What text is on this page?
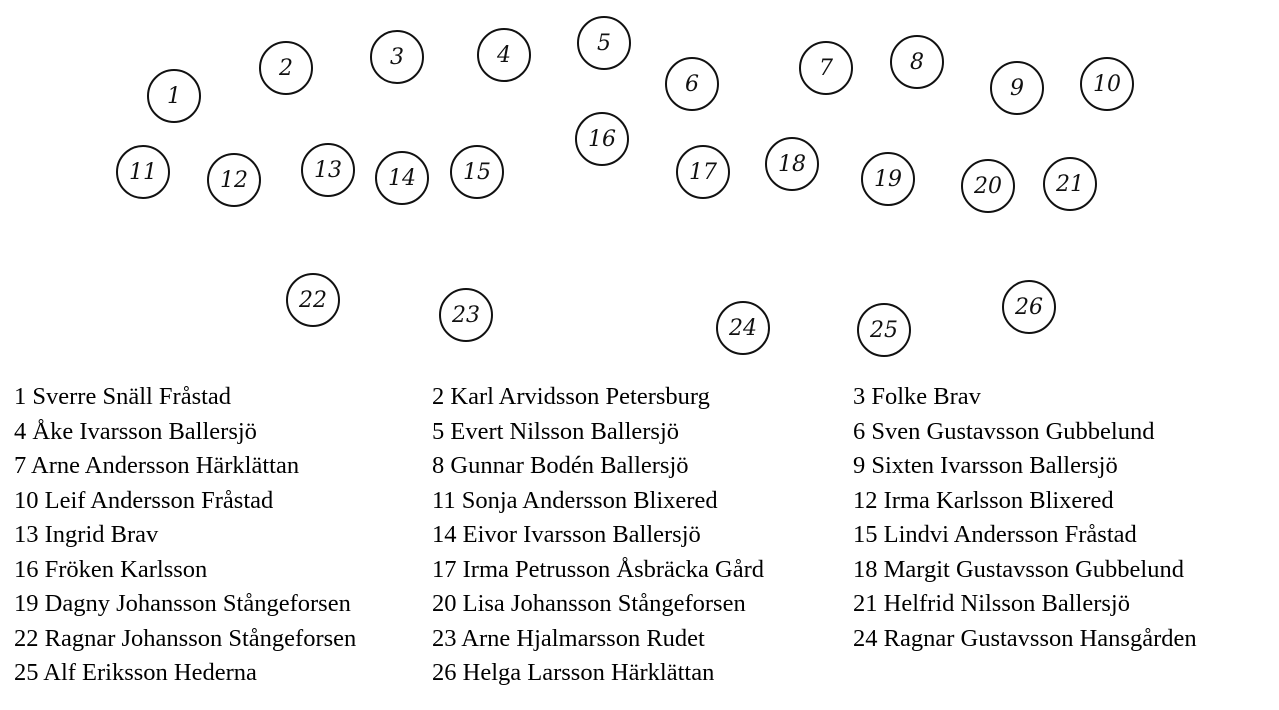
1
2	3	4	5
6
7	8
9	10
11	12	13	14	15
16
17	18
19	20	21
22
23
24	25
26
1 Sverre Snäll Fråstad	2 Karl Arvidsson Petersburg	3 Folke Brav
4 Åke Ivarsson Ballersjö	5 Evert Nilsson Ballersjö	6 Sven Gustavsson Gubbelund
7 Arne Andersson Härklättan	8 Gunnar Bodén Ballersjö	9 Sixten Ivarsson Ballersjö
10 Leif Andersson Fråstad	11 Sonja Andersson Blixered	12 Irma Karlsson Blixered
13 Ingrid Brav	14 Eivor Ivarsson Ballersjö	15 Lindvi Andersson Fråstad
16 Fröken Karlsson	17 Irma Petrusson Åsbräcka Gård	18 Margit Gustavsson Gubbelund
19 Dagny Johansson Stångeforsen	20 Lisa Johansson Stångeforsen	21 Helfrid Nilsson Ballersjö
22 Ragnar Johansson Stångeforsen	23 Arne Hjalmarsson Rudet	24 Ragnar Gustavsson Hansgården
25 Alf Eriksson Hederna	26 Helga Larsson Härklättan
